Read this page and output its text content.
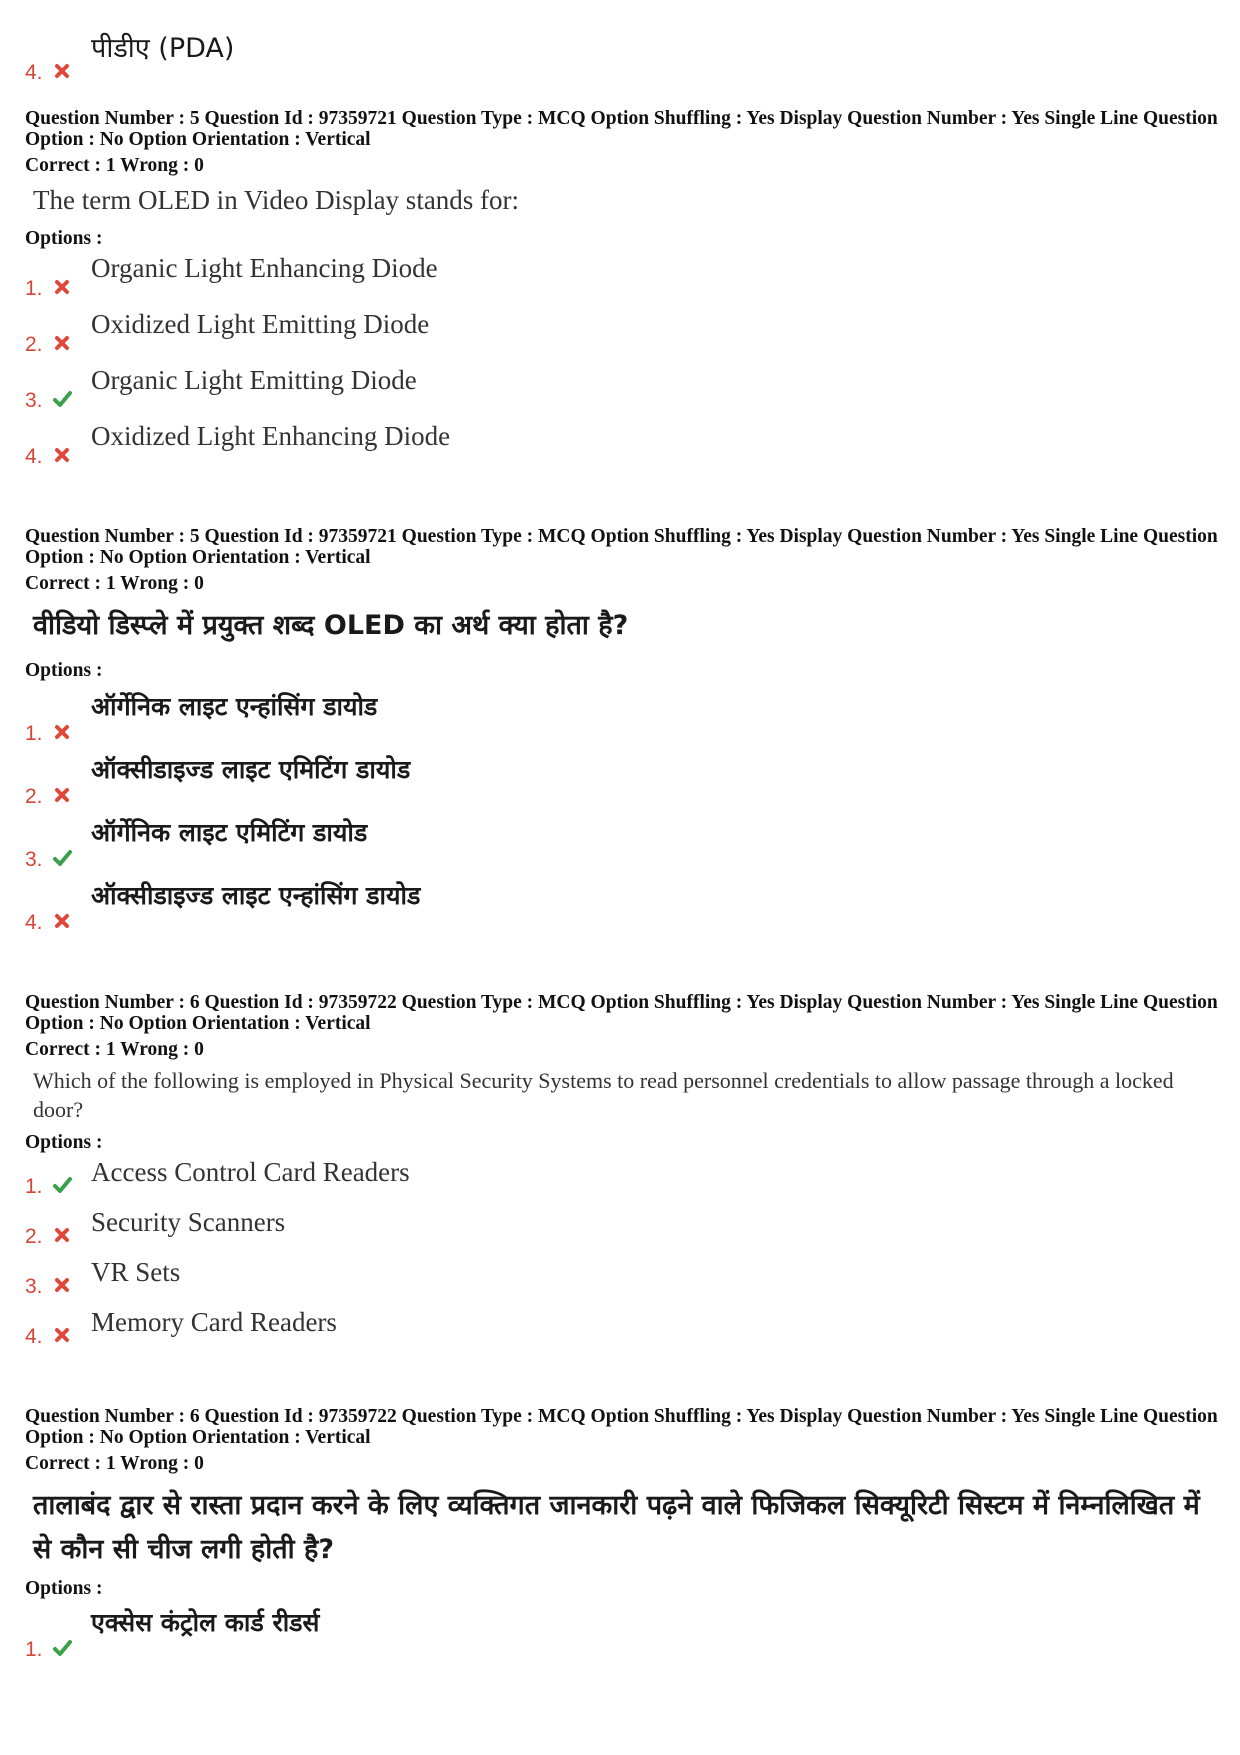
4.
पीडीए (PDA)

Question Number : 5 Question Id : 97359721 Question Type : MCQ Option Shuffling : Yes Display Question Number : Yes Single Line Question Option : No Option Orientation : Vertical

Correct : 1 Wrong : 0
The term OLED in Video Display stands for:
Options :
1.
Organic Light Enhancing Diode
2.
Oxidized Light Emitting Diode
3.
Organic Light Emitting Diode
4.
Oxidized Light Enhancing Diode

Question Number : 5 Question Id : 97359721 Question Type : MCQ Option Shuffling : Yes Display Question Number : Yes Single Line Question Option : No Option Orientation : Vertical

Correct : 1 Wrong : 0
वीडियो डिस्प्ले में प्रयुक्त शब्द OLED का अर्थ क्या होता है?
Options :
1.
ऑर्गेनिक लाइट एन्हांसिंग डायोड
2.
ऑक्सीडाइज्ड लाइट एमिटिंग डायोड
3.
ऑर्गेनिक लाइट एमिटिंग डायोड
4.
ऑक्सीडाइज्ड लाइट एन्हांसिंग डायोड

Question Number : 6 Question Id : 97359722 Question Type : MCQ Option Shuffling : Yes Display Question Number : Yes Single Line Question Option : No Option Orientation : Vertical

Correct : 1 Wrong : 0
Which of the following is employed in Physical Security Systems to read personnel credentials to allow passage through a locked door?
Options :
1. Access Control Card Readers
2. Security Scanners
3. VR Sets
4. Memory Card Readers

Question Number : 6 Question Id : 97359722 Question Type : MCQ Option Shuffling : Yes Display Question Number : Yes Single Line Question Option : No Option Orientation : Vertical

Correct : 1 Wrong : 0
तालाबंद द्वार से रास्ता प्रदान करने के लिए व्यक्तिगत जानकारी पढ़ने वाले फिजिकल सिक्यूरिटी सिस्टम में निम्नलिखित में से कौन सी चीज लगी होती है?
Options :
1.
एक्सेस कंट्रोल कार्ड रीडर्स
